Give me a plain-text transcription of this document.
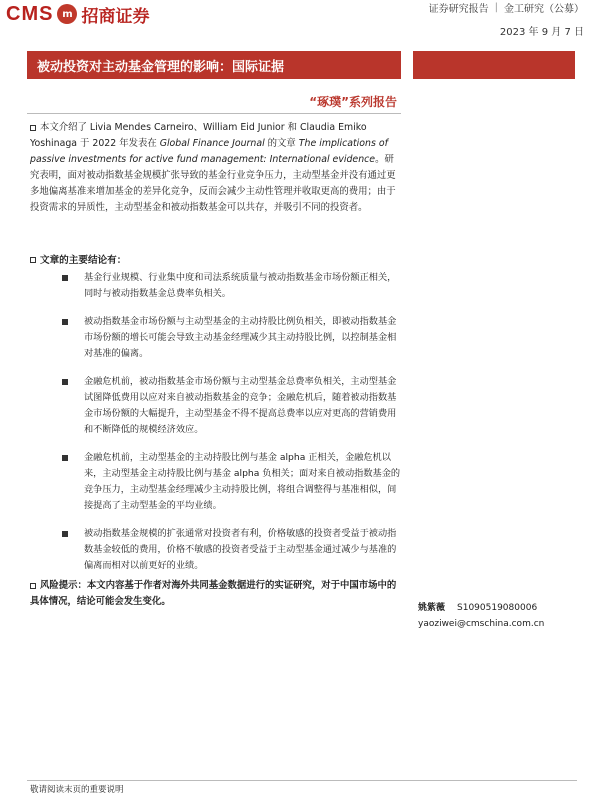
CMS m 招商证券	证券研究报告 | 金工研究（公募）
2023 年 9 月 7 日
被动投资对主动基金管理的影响：国际证据
“琢璞”系列报告
本文介绍了 Livia Mendes Carneiro、William Eid Junior 和 Claudia Emiko Yoshinaga 于 2022 年发表在 Global Finance Journal 的文章 The implications of passive investments for active fund management: International evidence。研究表明，面对被动指数基金规模扩张导致的基金行业竞争压力，主动型基金并没有通过更多地偏离基准来增加基金的差异化竞争，反而会减少主动性管理并收取更高的费用；由于投资需求的异质性，主动型基金和被动指数基金可以共存，并吸引不同的投资者。
文章的主要结论有：
基金行业规模、行业集中度和司法系统质量与被动指数基金市场份额正相关，同时与被动指数基金总费率负相关。
被动指数基金市场份额与主动型基金的主动持股比例负相关，即被动指数基金市场份额的增长可能会导致主动基金经理减少其主动持股比例，以控制基金相对基准的偏离。
金融危机前，被动指数基金市场份额与主动型基金总费率负相关，主动型基金试图降低费用以应对来自被动指数基金的竞争；金融危机后，随着被动指数基金市场份额的大幅提升，主动型基金不得不提高总费率以应对更高的营销费用和不断降低的规模经济效应。
金融危机前，主动型基金的主动持股比例与基金 alpha 正相关，金融危机以来，主动型基金主动持股比例与基金 alpha 负相关；面对来自被动指数基金的竞争压力，主动型基金经理减少主动持股比例，将组合调整得与基准相似，间接提高了主动型基金的平均业绩。
被动指数基金规模的扩张通常对投资者有利，价格敏感的投资者受益于被动指数基金较低的费用，价格不敏感的投资者受益于主动型基金通过减少与基准的偏离而相对以前更好的业绩。
风险提示：本文内容基于作者对海外共同基金数据进行的实证研究，对于中国市场中的具体情况，结论可能会发生变化。
姚紫薇 S1090519080006
yaoziwei@cmschina.com.cn
敬请阅读末页的重要说明
